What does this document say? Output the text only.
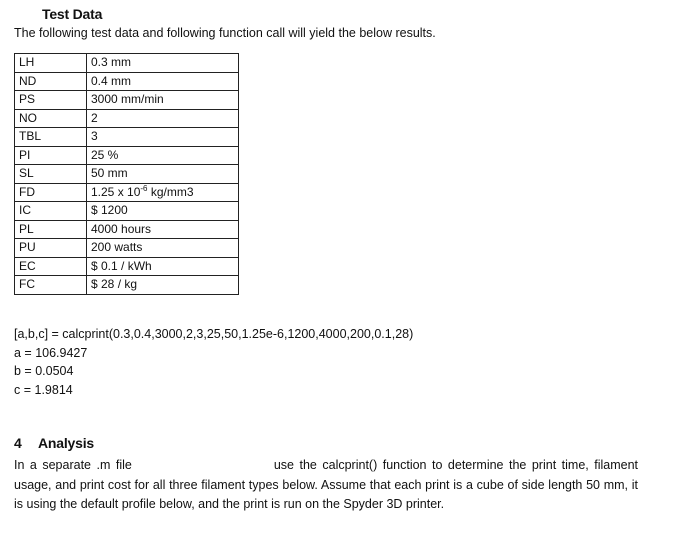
Test Data
The following test data and following function call will yield the below results.
LH	0.3 mm
ND	0.4 mm
PS	3000 mm/min
NO	2
TBL	3
PI	25 %
SL	50 mm
FD	1.25 x $10^{-6}$ kg/mm3
IC	$ 1200
PL	4000 hours
PU	200 watts
EC	$ 0.1 / kWh
FC	$ 28 / kg
[a,b,c] = calcprint(0.3,0.4,3000,2,3,25,50,1.25e-6,1200,4000,200,0.1,28)
a = 106.9427
b = 0.0504
c = 1.9814
4 Analysis
In a separate .m file	use the calcprint() function to determine the print time, filament usage, and print cost for all three filament types below. Assume that each print is a cube of side length 50 mm, it is using the default profile below, and the print is run on the Spyder 3D printer.
